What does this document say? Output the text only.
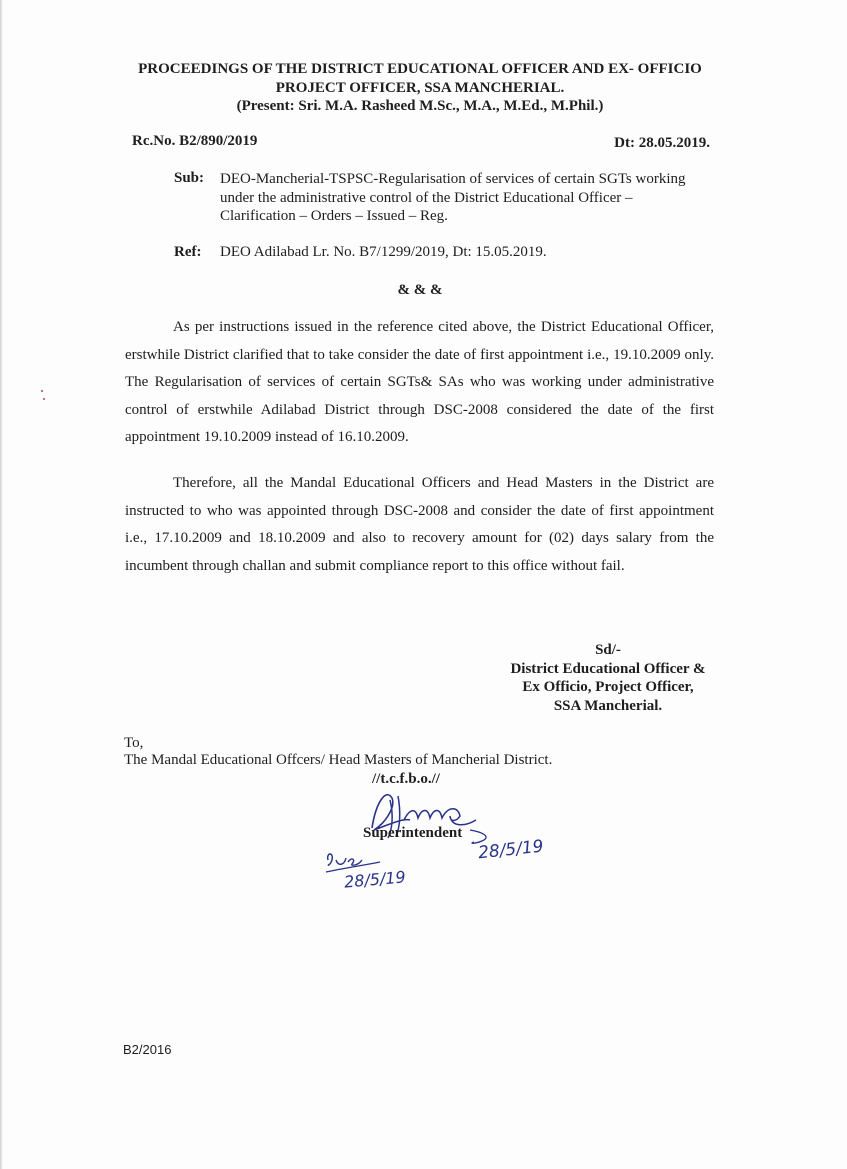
PROCEEDINGS OF THE DISTRICT EDUCATIONAL OFFICER AND EX- OFFICIO
PROJECT OFFICER, SSA MANCHERIAL.
(Present: Sri. M.A. Rasheed M.Sc., M.A., M.Ed., M.Phil.)
Rc.No. B2/890/2019	Dt: 28.05.2019.
Sub: DEO-Mancherial-TSPSC-Regularisation of services of certain SGTs working under the administrative control of the District Educational Officer – Clarification – Orders – Issued – Reg.
Ref: DEO Adilabad Lr. No. B7/1299/2019, Dt: 15.05.2019.
& & &

As per instructions issued in the reference cited above, the District Educational Officer, erstwhile District clarified that to take consider the date of first appointment i.e., 19.10.2009 only. The Regularisation of services of certain SGTs& SAs who was working under administrative control of erstwhile Adilabad District through DSC-2008 considered the date of the first appointment 19.10.2009 instead of 16.10.2009.

Therefore, all the Mandal Educational Officers and Head Masters in the District are instructed to who was appointed through DSC-2008 and consider the date of first appointment i.e., 17.10.2009 and 18.10.2009 and also to recovery amount for (02) days salary from the incumbent through challan and submit compliance report to this office without fail.

Sd/-
District Educational Officer &
Ex Officio, Project Officer,
SSA Mancherial.
To,
The Mandal Educational Offcers/ Head Masters of Mancherial District.
//t.c.f.b.o.//
Superintendent
28/5/19
28/5/19
B2/2016
